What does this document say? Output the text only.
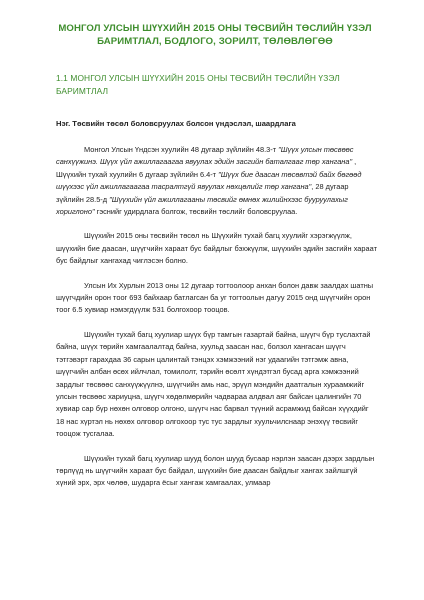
МОНГОЛ УЛСЫН ШҮҮХИЙН 2015 ОНЫ ТӨСВИЙН ТӨСЛИЙН ҮЗЭЛ БАРИМТЛАЛ, БОДЛОГО, ЗОРИЛТ, ТӨЛӨВЛӨГӨӨ
1.1 МОНГОЛ УЛСЫН ШҮҮХИЙН 2015 ОНЫ ТӨСВИЙН ТӨСЛИЙН ҮЗЭЛ БАРИМТЛАЛ
Нэг. Төсвийн төсөл боловсруулах болсон үндэслэл, шаардлага

Монгол Улсын Үндсэн хуулийн 48 дугаар зүйлийн 48.3-т "Шүүх улсын төсвөөс санхүүжинэ. Шүүх үйл ажиллагаагаа явуулах эдийн засгийн баталгааг төр хангана" , Шүүхийн тухай хуулийн 6 дугаар зүйлийн 6.4-т "Шүүх бие даасан төсөвтэй байх бөгөөд шүүхээс үйл ажиллагаагаа тасралтгүй явуулах нөхцөлийг төр хангана", 28 дугаар зүйлийн 28.5-д "Шүүхийн үйл ажиллагааны төсвийг өмнөх жилийнхээс бууруулахыг хориглоно" гэснийг удирдлага болгож, төсвийн төслийг боловсруулаа.

Шүүхийн 2015 оны төсвийн төсөл нь Шүүхийн тухай багц хуулийг хэрэгжүүлж, шүүхийн бие даасан, шүүгчийн хараат бус байдлыг бэхжүүлж, шүүхийн эдийн засгийн хараат бус байдлыг хангахад чиглэсэн болно.

Улсын Их Хурлын 2013 оны 12 дугаар тогтоолоор анхан болон давж заалдах шатны шүүгчдийн орон тоог 693 байхаар батлагсан ба уг тогтоолын дагуу 2015 онд шүүгчийн орон тоог 6.5 хувиар нэмэгдүүлж 531 болгохоор тооцов.

Шүүхийн тухай багц хуулиар шүүх бүр тамгын газартай байна, шүүгч бүр туслахтай байна, шүүх төрийн хамгаалалтад байна, хуульд заасан нас, болзол хангасан шүүгч тэтгэвэрт гарахдаа 36 сарын цалинтай тэнцэх хэмжээний нэг удаагийн тэтгэмж авна, шүүгчийн албан өсөх ийлчлал, томилолт, тэрийн өсөлт хүндэтгэл бусад арга хэмжээний зардлыг төсвөөс санхүүжүүлнэ, шүүгчийн амь нас, эрүүл мэндийн даатгалын хураамжийг улсын төсвөөс хариуцна, шүүгч хөдөлмөрийн чадвараа алдвал аяг байсан цалингийн 70 хувиар сар бүр нөхөн олговор олгоно, шүүгч нас барвал түүний асрамжид байсан хүүхдийг 18 нас хүртэл нь нөхөх олговор олгохоор тус тус зардлыг хуульчилснаар энэхүү төсвийг тооцож тусгалаа.

Шүүхийн тухай багц хуулиар шууд болон шууд бусаар нэрлэн заасан дээрх зардлын төрлүүд нь шүүгчийн хараат бус байдал, шүүхийн бие даасан байдлыг хангах зайлшгүй хүний эрх, эрх чөлөө, шударга ёсыг хангаж хамгаалах, улмаар
